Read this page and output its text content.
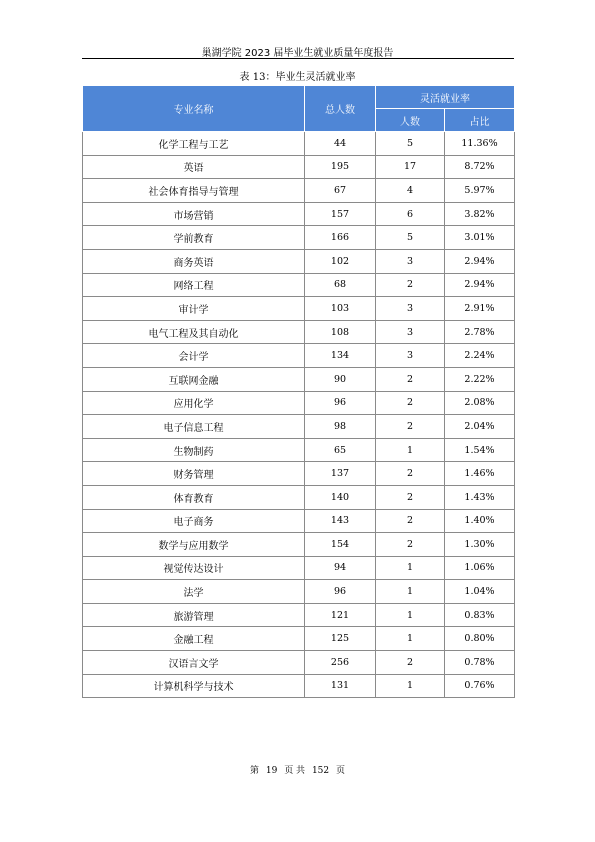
巢湖学院 2023 届毕业生就业质量年度报告
表 13：毕业生灵活就业率
专业名称	总人数	灵活就业率	
		人数	占比
化学工程与工艺	44	5	11.36%
英语	195	17	8.72%
社会体育指导与管理	67	4	5.97%
市场营销	157	6	3.82%
学前教育	166	5	3.01%
商务英语	102	3	2.94%
网络工程	68	2	2.94%
审计学	103	3	2.91%
电气工程及其自动化	108	3	2.78%
会计学	134	3	2.24%
互联网金融	90	2	2.22%
应用化学	96	2	2.08%
电子信息工程	98	2	2.04%
生物制药	65	1	1.54%
财务管理	137	2	1.46%
体育教育	140	2	1.43%
电子商务	143	2	1.40%
数学与应用数学	154	2	1.30%
视觉传达设计	94	1	1.06%
法学	96	1	1.04%
旅游管理	121	1	0.83%
金融工程	125	1	0.80%
汉语言文学	256	2	0.78%
计算机科学与技术	131	1	0.76%
第 19 页 共 152 页
